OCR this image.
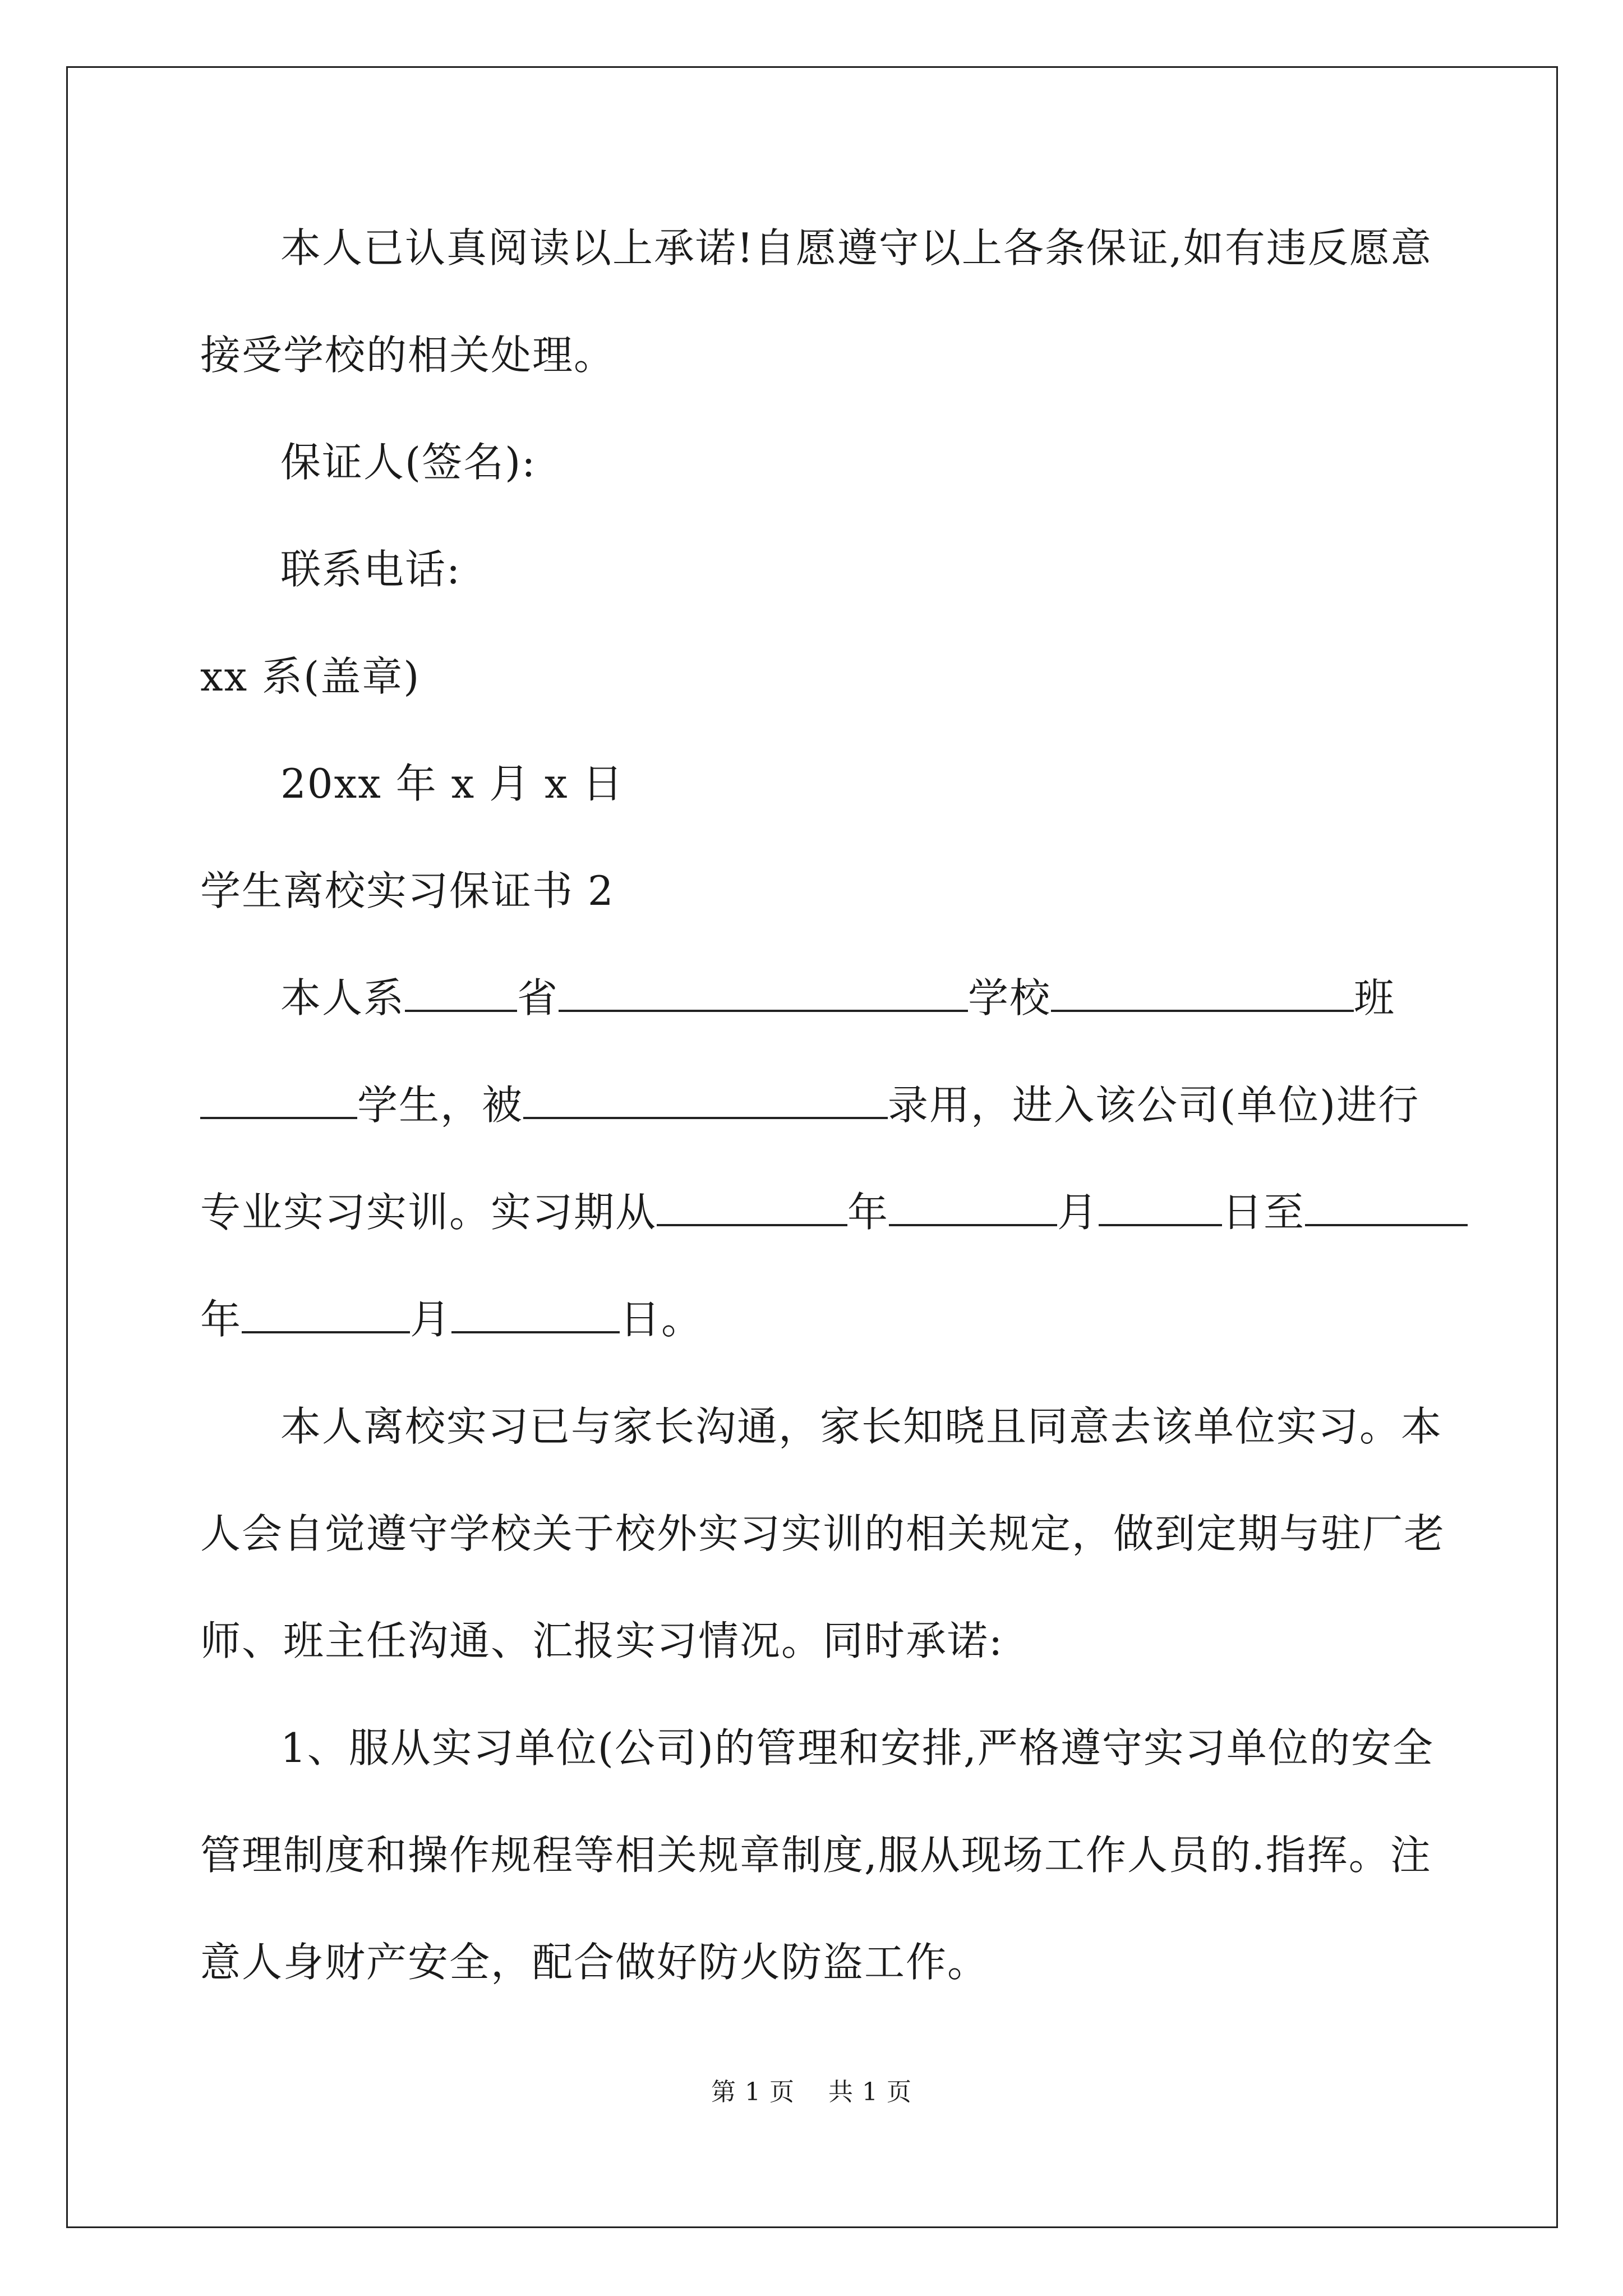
本人已认真阅读以上承诺!自愿遵守以上各条保证,如有违反愿意
接受学校的相关处理。
保证人(签名):
联系电话:
xx 系(盖章)
20xx 年 x 月 x 日
学生离校实习保证书 2
本人系	省	学校	班
学生，被	录用，进入该公司(单位)进行
专业实习实训。实习期从	年	月	日至
年	月	日。
本人离校实习已与家长沟通，家长知晓且同意去该单位实习。本
人会自觉遵守学校关于校外实习实训的相关规定，做到定期与驻厂老
师、班主任沟通、汇报实习情况。同时承诺:
1、服从实习单位(公司)的管理和安排,严格遵守实习单位的安全
管理制度和操作规程等相关规章制度,服从现场工作人员的.指挥。注
意人身财产安全，配合做好防火防盗工作。
第 1 页 共 1 页
